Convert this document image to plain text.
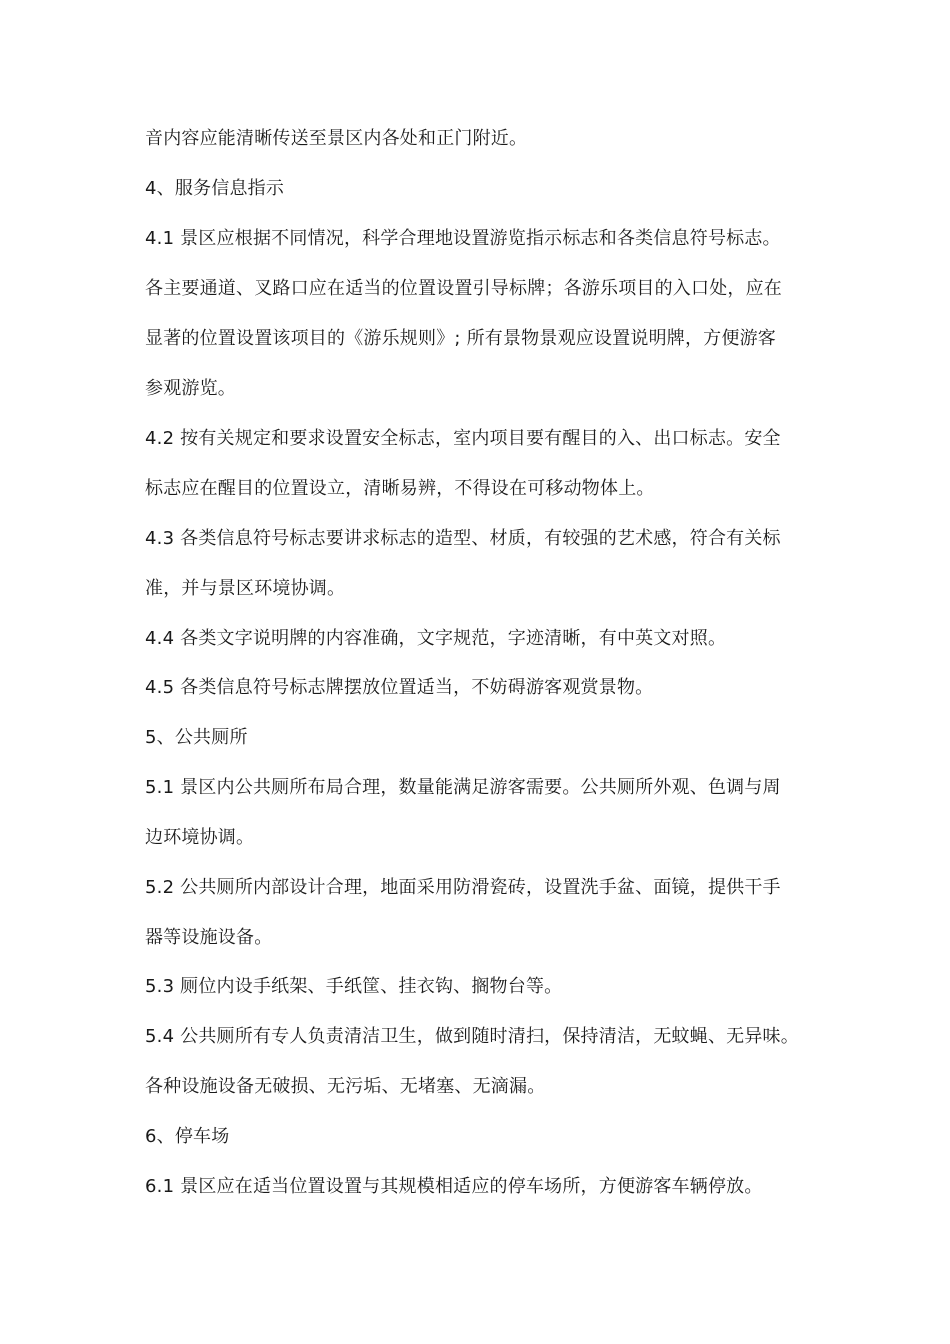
音内容应能清晰传送至景区内各处和正门附近。
4、服务信息指示
4.1 景区应根据不同情况，科学合理地设置游览指示标志和各类信息符号标志。
各主要通道、叉路口应在适当的位置设置引导标牌；各游乐项目的入口处，应在
显著的位置设置该项目的《游乐规则》; 所有景物景观应设置说明牌，方便游客
参观游览。
4.2 按有关规定和要求设置安全标志，室内项目要有醒目的入、出口标志。安全
标志应在醒目的位置设立，清晰易辨，不得设在可移动物体上。
4.3 各类信息符号标志要讲求标志的造型、材质，有较强的艺术感，符合有关标
准，并与景区环境协调。
4.4 各类文字说明牌的内容准确，文字规范，字迹清晰，有中英文对照。
4.5 各类信息符号标志牌摆放位置适当，不妨碍游客观赏景物。
5、公共厕所
5.1 景区内公共厕所布局合理，数量能满足游客需要。公共厕所外观、色调与周
边环境协调。
5.2 公共厕所内部设计合理，地面采用防滑瓷砖，设置洗手盆、面镜，提供干手
器等设施设备。
5.3 厕位内设手纸架、手纸筐、挂衣钩、搁物台等。
5.4 公共厕所有专人负责清洁卫生，做到随时清扫，保持清洁，无蚊蝇、无异味。
各种设施设备无破损、无污垢、无堵塞、无滴漏。
6、停车场
6.1 景区应在适当位置设置与其规模相适应的停车场所，方便游客车辆停放。
